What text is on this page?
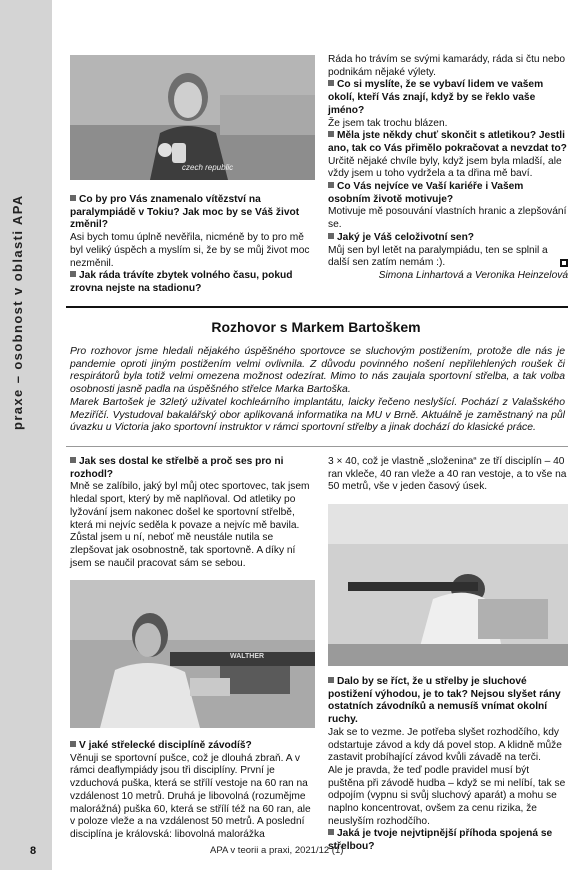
praxe – osobnost v oblasti APA
czech republic

Co by pro Vás znamenalo vítězství na paralympiádě v Tokiu? Jak moc by se Váš život změnil?

Asi bych tomu úplně nevěřila, nicméně by to pro mě byl veliký úspěch a myslím si, že by se můj život moc nezměnil.

Jak ráda trávíte zbytek volného času, pokud zrovna nejste na stadionu?

Ráda ho trávím se svými kamarády, ráda si čtu nebo podnikám nějaké výlety.

Co si myslíte, že se vybaví lidem ve vašem okolí, kteří Vás znají, když by se řeklo vaše jméno?

Že jsem tak trochu blázen.

Měla jste někdy chuť skončit s atletikou? Jestli ano, tak co Vás přimělo pokračovat a nevzdat to?

Určitě nějaké chvíle byly, když jsem byla mladší, ale vždy jsem u toho vydržela a ta dřina mě baví.

Co Vás nejvíce ve Vaší kariéře i Vašem osobním životě motivuje?

Motivuje mě posouvání vlastních hranic a zlepšování se.

Jaký je Váš celoživotní sen?

Můj sen byl letět na paralympiádu, ten se splnil a další sen zatím nemám :).

Simona Linhartová a Veronika Heinzelová

Rozhovor s Markem Bartoškem

Pro rozhovor jsme hledali nějakého úspěšného sportovce se sluchovým postižením, protože dle nás je pandemie oproti jiným postižením velmi ovlivnila. Z důvodu povinného nošení nepřilehlených roušek či respirátorů byla totiž velmi omezena možnost odezírat. Mimo to nás zaujala sportovní střelba, a tak volba osobnosti jasně padla na úspěšného střelce Marka Bartoška.

Marek Bartošek je 32letý uživatel kochleárního implantátu, laicky řečeno neslyšící. Pochází z Valašského Meziříčí. Vystudoval bakalářský obor aplikovaná informatika na MU v Brně. Aktuálně je zaměstnaný na půl úvazku u Victoria jako sportovní instruktor v rámci sportovní střelby a jinak dochází do klasické práce.

Jak ses dostal ke střelbě a proč ses pro ni rozhodl?

Mně se zalíbilo, jaký byl můj otec sportovec, tak jsem hledal sport, který by mě naplňoval. Od atletiky po lyžování jsem nakonec došel ke sportovní střelbě, která mi nejvíc seděla k povaze a nejvíc mě bavila. Zůstal jsem u ní, neboť mě neustále nutila se zlepšovat jak osobnostně, tak sportovně. A díky ní jsem se naučil pracovat sám se sebou.

WALTHER

V jaké střelecké disciplíně závodíš?

Věnuji se sportovní pušce, což je dlouhá zbraň. A v rámci deaflympiády jsou tři disciplíny. První je vzduchová puška, která se střílí vestoje na 60 ran na vzdálenost 10 metrů. Druhá je libovolná (rozumějme malorážná) puška 60, která se střílí též na 60 ran, ale v poloze vleže a na vzdálenost 50 metrů. A poslední disciplína je královská: libovolná malorážka

3 × 40, což je vlastně „složenina“ ze tří disciplín – 40 ran vkleče, 40 ran vleže a 40 ran vestoje, a to vše na 50 metrů, vše v jeden časový úsek.

Dalo by se říct, že u střelby je sluchové postižení výhodou, je to tak? Nejsou slyšet rány ostatních závodníků a nemusíš vnímat okolní ruchy.

Jak se to vezme. Je potřeba slyšet rozhodčího, kdy odstartuje závod a kdy dá povel stop. A klidně může zastavit probíhající závod kvůli závadě na terči.

Ale je pravda, že teď podle pravidel musí být puštěna při závodě hudba – když se mi nelíbí, tak se odpojím (vypnu si svůj sluchový aparát) a mohu se naplno koncentrovat, ovšem za cenu rizika, že neuslyším rozhodčího.

Jaká je tvoje nejvtipnější příhoda spojená se střelbou?

8	APA v teorii a praxi, 2021/12 (1)
